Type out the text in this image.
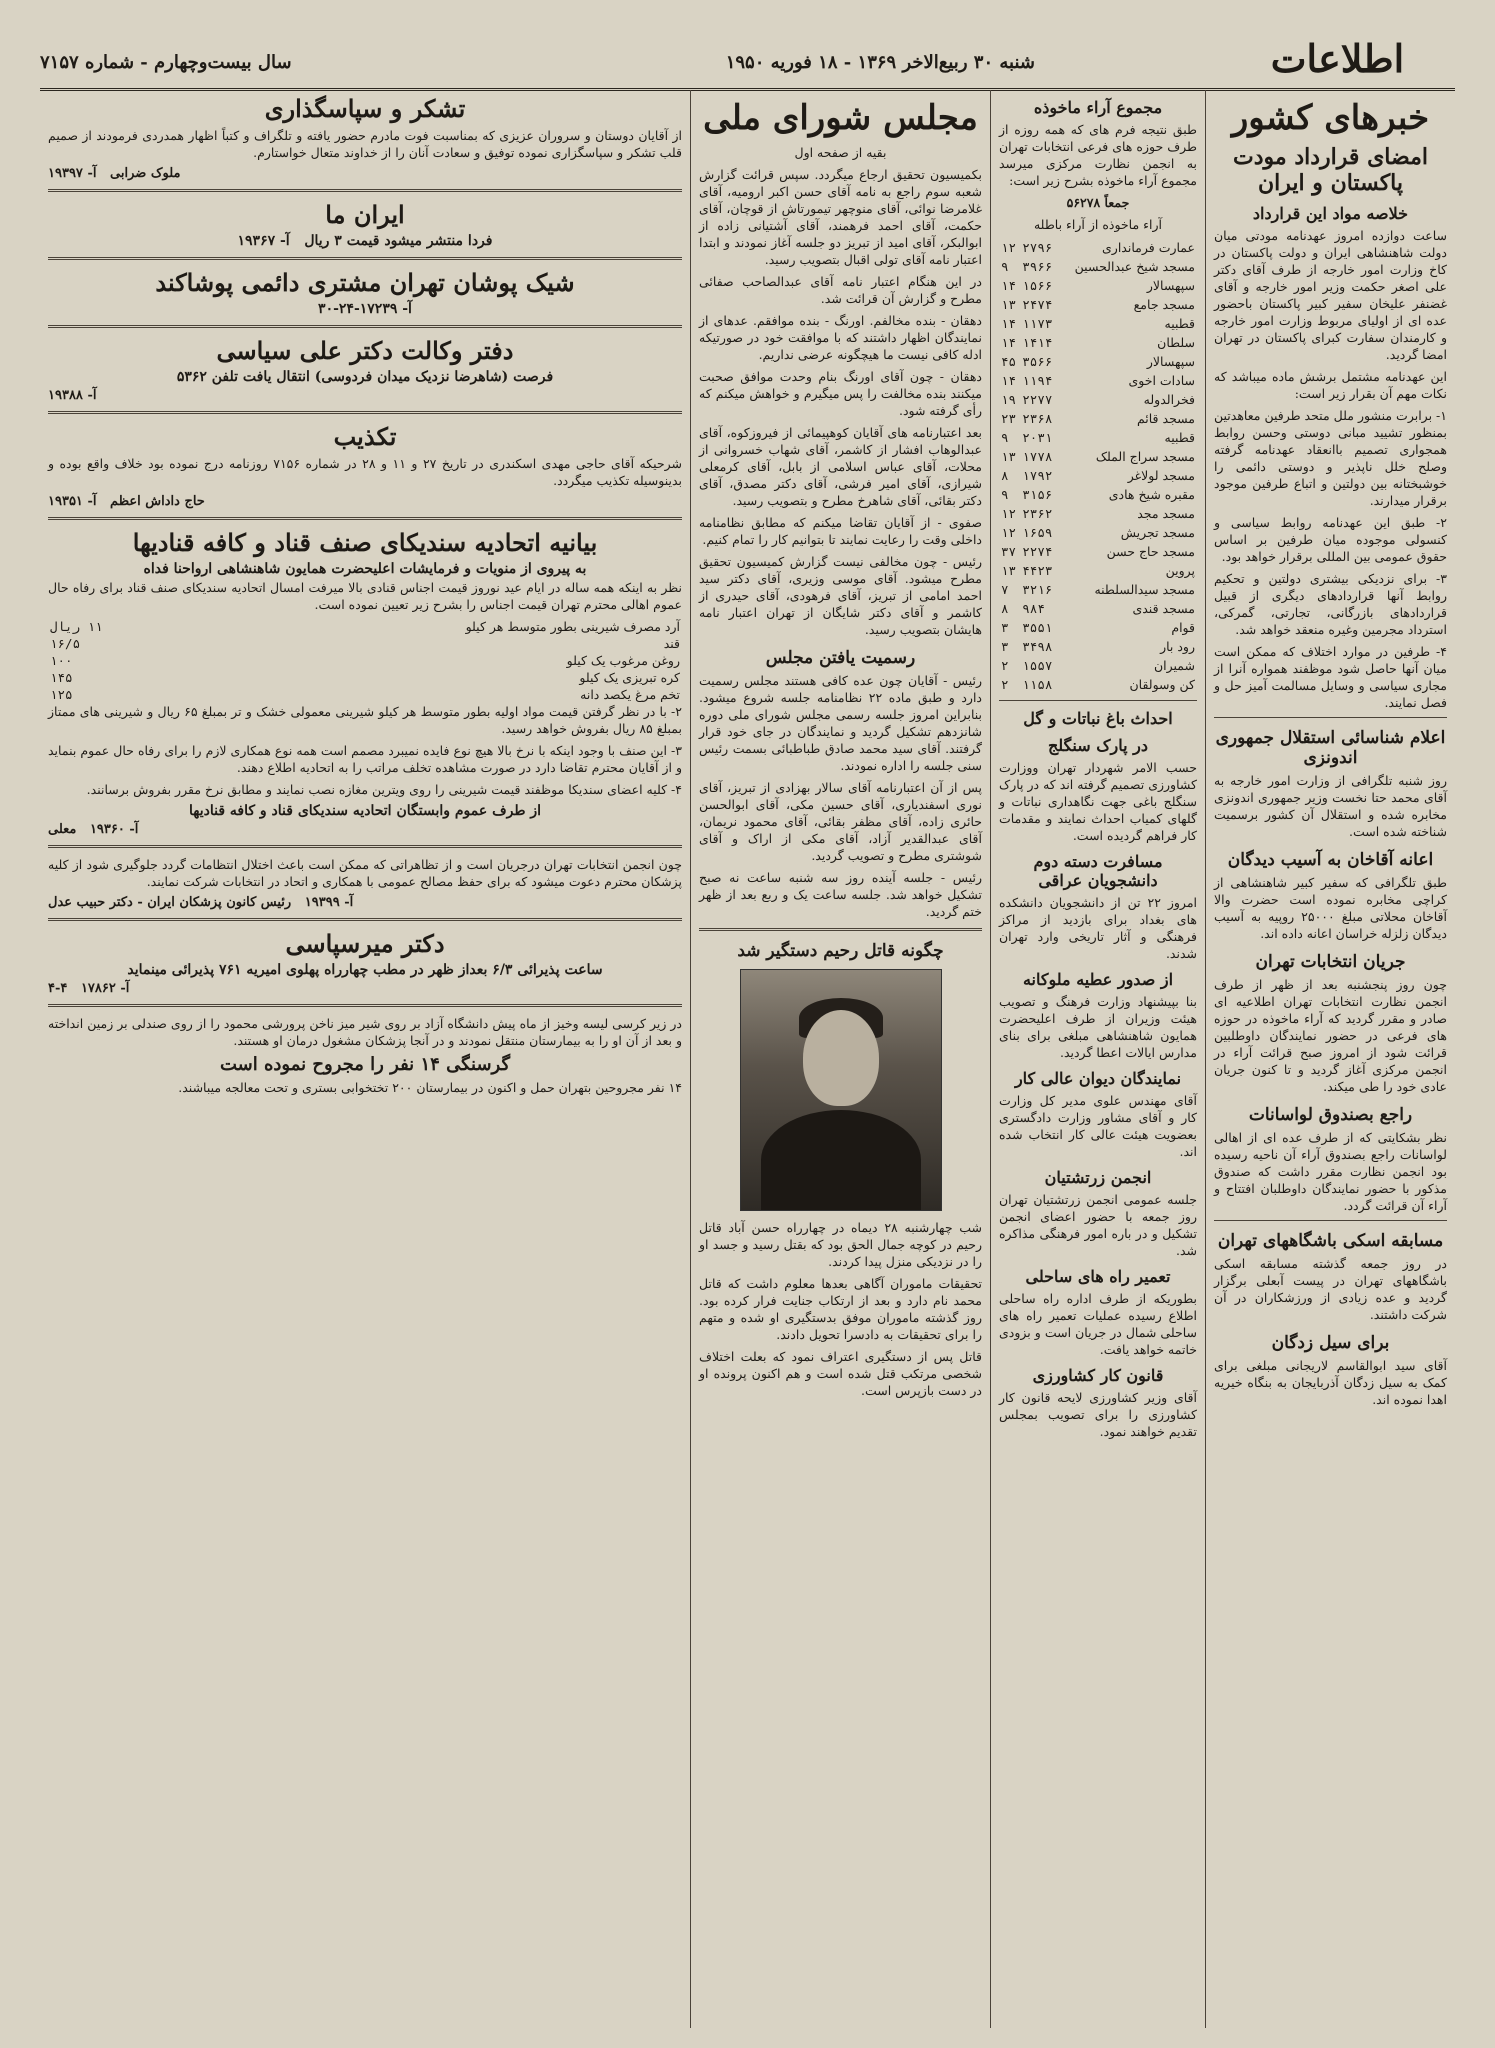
اطلاعات
شنبه ۳۰ ربیع‌الاخر ۱۳۶۹ - ۱۸ فوریه ۱۹۵۰
سال بیست‌وچهارم - شماره ۷۱۵۷
خبرهای کشور
امضای قرارداد مودت پاکستان و ایران
خلاصه مواد این قرارداد

ساعت دوازده امروز عهدنامه مودتی میان دولت شاهنشاهی ایران و دولت پاکستان در کاخ وزارت امور خارجه از طرف آقای دکتر علی اصغر حکمت وزیر امور خارجه و آقای غضنفر علیخان سفیر کبیر پاکستان باحضور عده ای از اولیای مربوط وزارت امور خارجه و کارمندان سفارت کبرای پاکستان در تهران امضا گردید.

این عهدنامه مشتمل برشش ماده میباشد که نکات مهم آن بقرار زیر است:

۱- برابرت منشور ملل متحد طرفین معاهدتین بمنظور تشیید مبانی دوستی وحسن روابط همجواری تصمیم باانعقاد عهدنامه گرفته وصلح خلل ناپذیر و دوستی دائمی را خوشبختانه بین دولتین و اتباع طرفین موجود برقرار میدارند.

۲- طبق این عهدنامه روابط سیاسی و کنسولی موجوده میان طرفین بر اساس حقوق عمومی بین المللی برقرار خواهد بود.

۳- برای نزدیکی بیشتری دولتین و تحکیم روابط آنها قراردادهای دیگری از قبیل قراردادهای بازرگانی، تجارتی، گمرکی، استرداد مجرمین وغیره منعقد خواهد شد.

۴- طرفین در موارد اختلاف که ممکن است میان آنها حاصل شود موظفند همواره آنرا از مجاری سیاسی و وسایل مسالمت آمیز حل و فصل نمایند.

اعلام شناسائی استقلال جمهوری اندونزی

روز شنبه تلگرافی از وزارت امور خارجه به آقای محمد حتا نخست وزیر جمهوری اندونزی مخابره شده و استقلال آن کشور برسمیت شناخته شده است.

اعانه آقاخان به آسیب دیدگان

طبق تلگرافی که سفیر کبیر شاهنشاهی از کراچی مخابره نموده است حضرت والا آقاخان محلاتی مبلغ ۲۵۰۰۰ روپیه به آسیب دیدگان زلزله خراسان اعانه داده اند.

جریان انتخابات تهران

چون روز پنجشنبه بعد از ظهر از طرف انجمن نظارت انتخابات تهران اطلاعیه ای صادر و مقرر گردید که آراء ماخوذه در حوزه های فرعی در حضور نمایندگان داوطلبین قرائت شود از امروز صبح قرائت آراء در انجمن مرکزی آغاز گردید و تا کنون جریان عادی خود را طی میکند.

راجع بصندوق لواسانات

نظر بشکایتی که از طرف عده ای از اهالی لواسانات راجع بصندوق آراء آن ناحیه رسیده بود انجمن نظارت مقرر داشت که صندوق مذکور با حضور نمایندگان داوطلبان افتتاح و آراء آن قرائت گردد.

مسابقه اسکی باشگاههای تهران

در روز جمعه گذشته مسابقه اسکی باشگاههای تهران در پیست آبعلی برگزار گردید و عده زیادی از ورزشکاران در آن شرکت داشتند.

برای سیل زدگان

آقای سید ابوالقاسم لاریجانی مبلغی برای کمک به سیل زدگان آذربایجان به بنگاه خیریه اهدا نموده اند.

مجموع آراء ماخوذه

طبق نتیجه فرم های که همه روزه از طرف حوزه های فرعی انتخابات تهران به انجمن نظارت مرکزی میرسد مجموع آراء ماخوذه بشرح زیر است:

جمعاً ۵۶۲۷۸

آراء ماخوذه از آراء باطله

عمارت فرمانداری	۲۷۹۶	۱۲
مسجد شیخ عبدالحسین	۳۹۶۶	۹
سپهسالار	۱۵۶۶	۱۴
مسجد جامع	۲۴۷۴	۱۳
قطبیه	۱۱۷۳	۱۴
سلطان	۱۴۱۴	۱۴
سپهسالار	۳۵۶۶	۴۵
سادات اخوی	۱۱۹۴	۱۴
فخرالدوله	۲۲۷۷	۱۹
مسجد قائم	۲۳۶۸	۲۳
قطبیه	۲۰۳۱	۹
مسجد سراج الملک	۱۷۷۸	۱۳
مسجد لولاغر	۱۷۹۲	۸
مقبره شیخ هادی	۳۱۵۶	۹
مسجد مجد	۲۳۶۲	۱۲
مسجد تجریش	۱۶۵۹	۱۲
مسجد حاج حسن	۲۲۷۴	۳۷
پروین	۴۴۲۳	۱۳
مسجد سیدالسلطنه	۳۲۱۶	۷
مسجد قندی	۹۸۴	۸
قوام	۳۵۵۱	۳
رود بار	۳۴۹۸	۳
شمیران	۱۵۵۷	۲
کن وسولقان	۱۱۵۸	۲
احداث باغ نباتات و گل
در پارک سنگلج

حسب الامر شهردار تهران ووزارت کشاورزی تصمیم گرفته اند که در پارک سنگلج باغی جهت نگاهداری نباتات و گلهای کمیاب احداث نمایند و مقدمات کار فراهم گردیده است.

مسافرت دسته دوم دانشجویان عراقی

امروز ۲۲ تن از دانشجویان دانشکده های بغداد برای بازدید از مراکز فرهنگی و آثار تاریخی وارد تهران شدند.

از صدور عطیه ملوکانه

بنا بپیشنهاد وزارت فرهنگ و تصویب هیئت وزیران از طرف اعلیحضرت همایون شاهنشاهی مبلغی برای بنای مدارس ایالات اعطا گردید.

نمایندگان دیوان عالی کار

آقای مهندس علوی مدیر کل وزارت کار و آقای مشاور وزارت دادگستری بعضویت هیئت عالی کار انتخاب شده اند.

انجمن زرتشتیان

جلسه عمومی انجمن زرتشتیان تهران روز جمعه با حضور اعضای انجمن تشکیل و در باره امور فرهنگی مذاکره شد.

تعمیر راه های ساحلی

بطوریکه از طرف اداره راه ساحلی اطلاع رسیده عملیات تعمیر راه های ساحلی شمال در جریان است و بزودی خاتمه خواهد یافت.

قانون کار کشاورزی

آقای وزیر کشاورزی لایحه قانون کار کشاورزی را برای تصویب بمجلس تقدیم خواهند نمود.

مجلس شورای ملی

بقیه از صفحه اول

بکمیسیون تحقیق ارجاع میگردد. سپس قرائت گزارش شعبه سوم راجع به نامه آقای حسن اکبر ارومیه، آقای غلامرضا نوائی، آقای منوچهر تیمورتاش از قوچان، آقای حکمت، آقای احمد فرهمند، آقای آشتیانی زاده از ابوالبکر، آقای امید از تبریز دو جلسه آغاز نمودند و ابتدا اعتبار نامه آقای تولی اقبال بتصویب رسید.

در این هنگام اعتبار نامه آقای عبدالصاحب صفائی مطرح و گزارش آن قرائت شد.

دهقان - بنده مخالفم. اورنگ - بنده موافقم. عدهای از نمایندگان اظهار داشتند که با موافقت خود در صورتیکه ادله کافی نیست ما هیچگونه عرضی نداریم.

دهقان - چون آقای اورنگ بنام وحدت موافق صحبت میکنند بنده مخالفت را پس میگیرم و خواهش میکنم که رأی گرفته شود.

بعد اعتبارنامه های آقایان کوهپیمائی از فیروزکوه، آقای عبدالوهاب افشار از کاشمر، آقای شهاب خسروانی از محلات، آقای عباس اسلامی از بابل، آقای کرمعلی شیرازی، آقای امیر فرشی، آقای دکتر مصدق، آقای دکتر بقائی، آقای شاهرخ مطرح و بتصویب رسید.

صفوی - از آقایان تقاضا میکنم که مطابق نظامنامه داخلی وقت را رعایت نمایند تا بتوانیم کار را تمام کنیم.

رئیس - چون مخالفی نیست گزارش کمیسیون تحقیق مطرح میشود. آقای موسی وزیری، آقای دکتر سید احمد امامی از تبریز، آقای فرهودی، آقای حیدری از کاشمر و آقای دکتر شایگان از تهران اعتبار نامه هایشان بتصویب رسید.

رسمیت یافتن مجلس

رئیس - آقایان چون عده کافی هستند مجلس رسمیت دارد و طبق ماده ۲۲ نظامنامه جلسه شروع میشود. بنابراین امروز جلسه رسمی مجلس شورای ملی دوره شانزدهم تشکیل گردید و نمایندگان در جای خود قرار گرفتند. آقای سید محمد صادق طباطبائی بسمت رئیس سنی جلسه را اداره نمودند.

پس از آن اعتبارنامه آقای سالار بهزادی از تبریز، آقای نوری اسفندیاری، آقای حسین مکی، آقای ابوالحسن حائری زاده، آقای مظفر بقائی، آقای محمود نریمان، آقای عبدالقدیر آزاد، آقای مکی از اراک و آقای شوشتری مطرح و تصویب گردید.

رئیس - جلسه آینده روز سه شنبه ساعت نه صبح تشکیل خواهد شد. جلسه ساعت یک و ربع بعد از ظهر ختم گردید.

چگونه قاتل رحیم دستگیر شد

شب چهارشنبه ۲۸ دیماه در چهارراه حسن آباد قاتل رحیم در کوچه جمال الحق بود که بقتل رسید و جسد او را در نزدیکی منزل پیدا کردند.

تحقیقات ماموران آگاهی بعدها معلوم داشت که قاتل محمد نام دارد و بعد از ارتکاب جنایت فرار کرده بود. روز گذشته ماموران موفق بدستگیری او شده و متهم را برای تحقیقات به دادسرا تحویل دادند.

قاتل پس از دستگیری اعتراف نمود که بعلت اختلاف شخصی مرتکب قتل شده است و هم اکنون پرونده او در دست بازپرس است.

تشکر و سپاسگذاری

از آقایان دوستان و سروران عزیزی که بمناسبت فوت مادرم حضور یافته و تلگراف و کتباً اظهار همدردی فرمودند از صمیم قلب تشکر و سپاسگزاری نموده توفیق و سعادت آنان را از خداوند متعال خواستارم.

ملوک ضرابی   آ- ۱۹۳۹۷
ایران ما
فردا منتشر میشود قیمت ۳ ریال   آ- ۱۹۳۶۷
شیک پوشان تهران مشتری دائمی پوشاکند
آ- ۱۷۲۳۹-۲۴-۳۰
دفتر وکالت دکتر علی سیاسی
فرصت (شاهرضا نزدیک میدان فردوسی) انتقال یافت تلفن ۵۳۶۲
آ- ۱۹۳۸۸
تکذیب

شرحیکه آقای حاجی مهدی اسکندری در تاریخ ۲۷ و ۱۱ و ۲۸ در شماره ۷۱۵۶ روزنامه درج نموده بود خلاف واقع بوده و بدینوسیله تکذیب میگردد.

حاج داداش اعظم   آ- ۱۹۳۵۱
بیانیه اتحادیه سندیکای صنف قناد و کافه قنادیها
به پیروی از منویات و فرمایشات اعلیحضرت همایون شاهنشاهی ارواحنا فداه

نظر به اینکه همه ساله در ایام عید نوروز قیمت اجناس قنادی بالا میرفت امسال اتحادیه سندیکای صنف قناد برای رفاه حال عموم اهالی محترم تهران قیمت اجناس را بشرح زیر تعیین نموده است.

آرد مصرف شیرینی بطور متوسط هر کیلو	۱۱ ریال
قند	۱۶/۵
روغن مرغوب یک کیلو	۱۰۰
کره تبریزی یک کیلو	۱۴۵
تخم مرغ یکصد دانه	۱۲۵

۲- با در نظر گرفتن قیمت مواد اولیه بطور متوسط هر کیلو شیرینی معمولی خشک و تر بمبلغ ۶۵ ریال و شیرینی های ممتاز بمبلغ ۸۵ ریال بفروش خواهد رسید.

۳- این صنف با وجود اینکه با نرخ بالا هیچ نوع فایده نمیبرد مصمم است همه نوع همکاری لازم را برای رفاه حال عموم بنماید و از آقایان محترم تقاضا دارد در صورت مشاهده تخلف مراتب را به اتحادیه اطلاع دهند.

۴- کلیه اعضای سندیکا موظفند قیمت شیرینی را روی ویترین مغازه نصب نمایند و مطابق نرخ مقرر بفروش برسانند.

از طرف عموم وابستگان اتحادیه سندیکای قناد و کافه قنادیها
آ- ۱۹۳۶۰   معلی

چون انجمن انتخابات تهران درجریان است و از تظاهراتی که ممکن است باعث اختلال انتظامات گردد جلوگیری شود از کلیه پزشکان محترم دعوت میشود که برای حفظ مصالح عمومی با همکاری و اتحاد در انتخابات شرکت نمایند.

آ- ۱۹۳۹۹   رئیس کانون پزشکان ایران - دکتر حبیب عدل
دکتر میرسپاسی
ساعت پذیرائی ۶/۳ بعداز ظهر در مطب چهارراه پهلوی امیریه ۷۶۱ پذیرائی مینماید
آ- ۱۷۸۶۲   ۴-۴

در زیر کرسی لیسه وخیز از ماه پیش دانشگاه آزاد بر روی شیر میز ناخن پرورشی محمود را از روی صندلی بر زمین انداخته و بعد از آن او را به بیمارستان منتقل نمودند و در آنجا پزشکان مشغول درمان او هستند.

گرسنگی ۱۴ نفر را مجروح نموده است

۱۴ نفر مجروحین بتهران حمل و اکنون در بیمارستان ۲۰۰ تختخوابی بستری و تحت معالجه میباشند.
